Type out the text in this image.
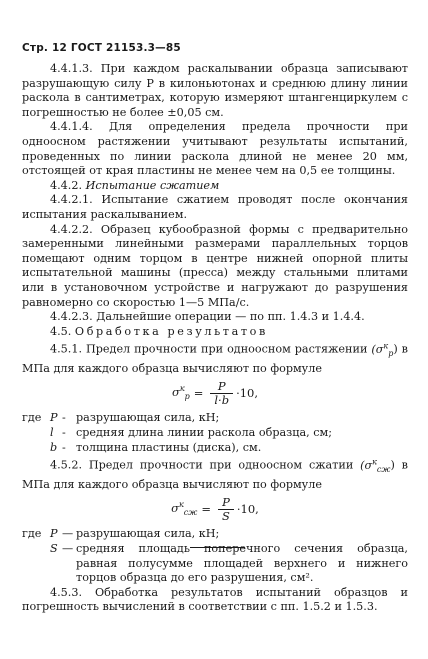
Стр. 12 ГОСТ 21153.3—85

4.4.1.3. При каждом раскалывании образца записывают разрушающую силу Р в килоньютонах и среднюю длину линии раскола в сантиметрах, которую измеряют штангенциркулем с погрешностью не более ±0,05 см.

4.4.1.4. Для определения предела прочности при одноосном растяжении учитывают результаты испытаний, проведенных по линии раскола длиной не менее 20 мм, отстоящей от края пластины не менее чем на 0,5 ее толщины.

4.4.2. Испытание сжатием

4.4.2.1. Испытание сжатием проводят после окончания испытания раскалыванием.

4.4.2.2. Образец кубообразной формы с предварительно замеренными линейными размерами параллельных торцов помещают одним торцом в центре нижней опорной плиты испытательной машины (пресса) между стальными плитами или в установочном устройстве и нагружают до разрушения равномерно со скоростью 1—5 МПа/с.

4.4.2.3. Дальнейшие операции — по пп. 1.4.3 и 1.4.4.

4.5. Обработка результатов

4.5.1. Предел прочности при одноосном растяжении $(\sigma^к_р)$ в МПа для каждого образца вычисляют по формуле

$\sigma^к_р = \frac{P}{l\cdot b} \cdot 10$,
где P - разрушающая сила, кН;
l - средняя длина линии раскола образца, см;
b - толщина пластины (диска), см.

4.5.2. Предел прочности при одноосном сжатии $(\sigma^к_{сж})$ в МПа для каждого образца вычисляют по формуле

$\sigma^к_{сж} = \frac{P}{S} \cdot 10$,
где P — разрушающая сила, кН;
S — средняя площадь поперечного сечения образца, равная полусумме площадей верхнего и нижнего торцов образца до его разрушения, см².

4.5.3. Обработка результатов испытаний образцов и погрешность вычислений в соответствии с пп. 1.5.2 и 1.5.3.
